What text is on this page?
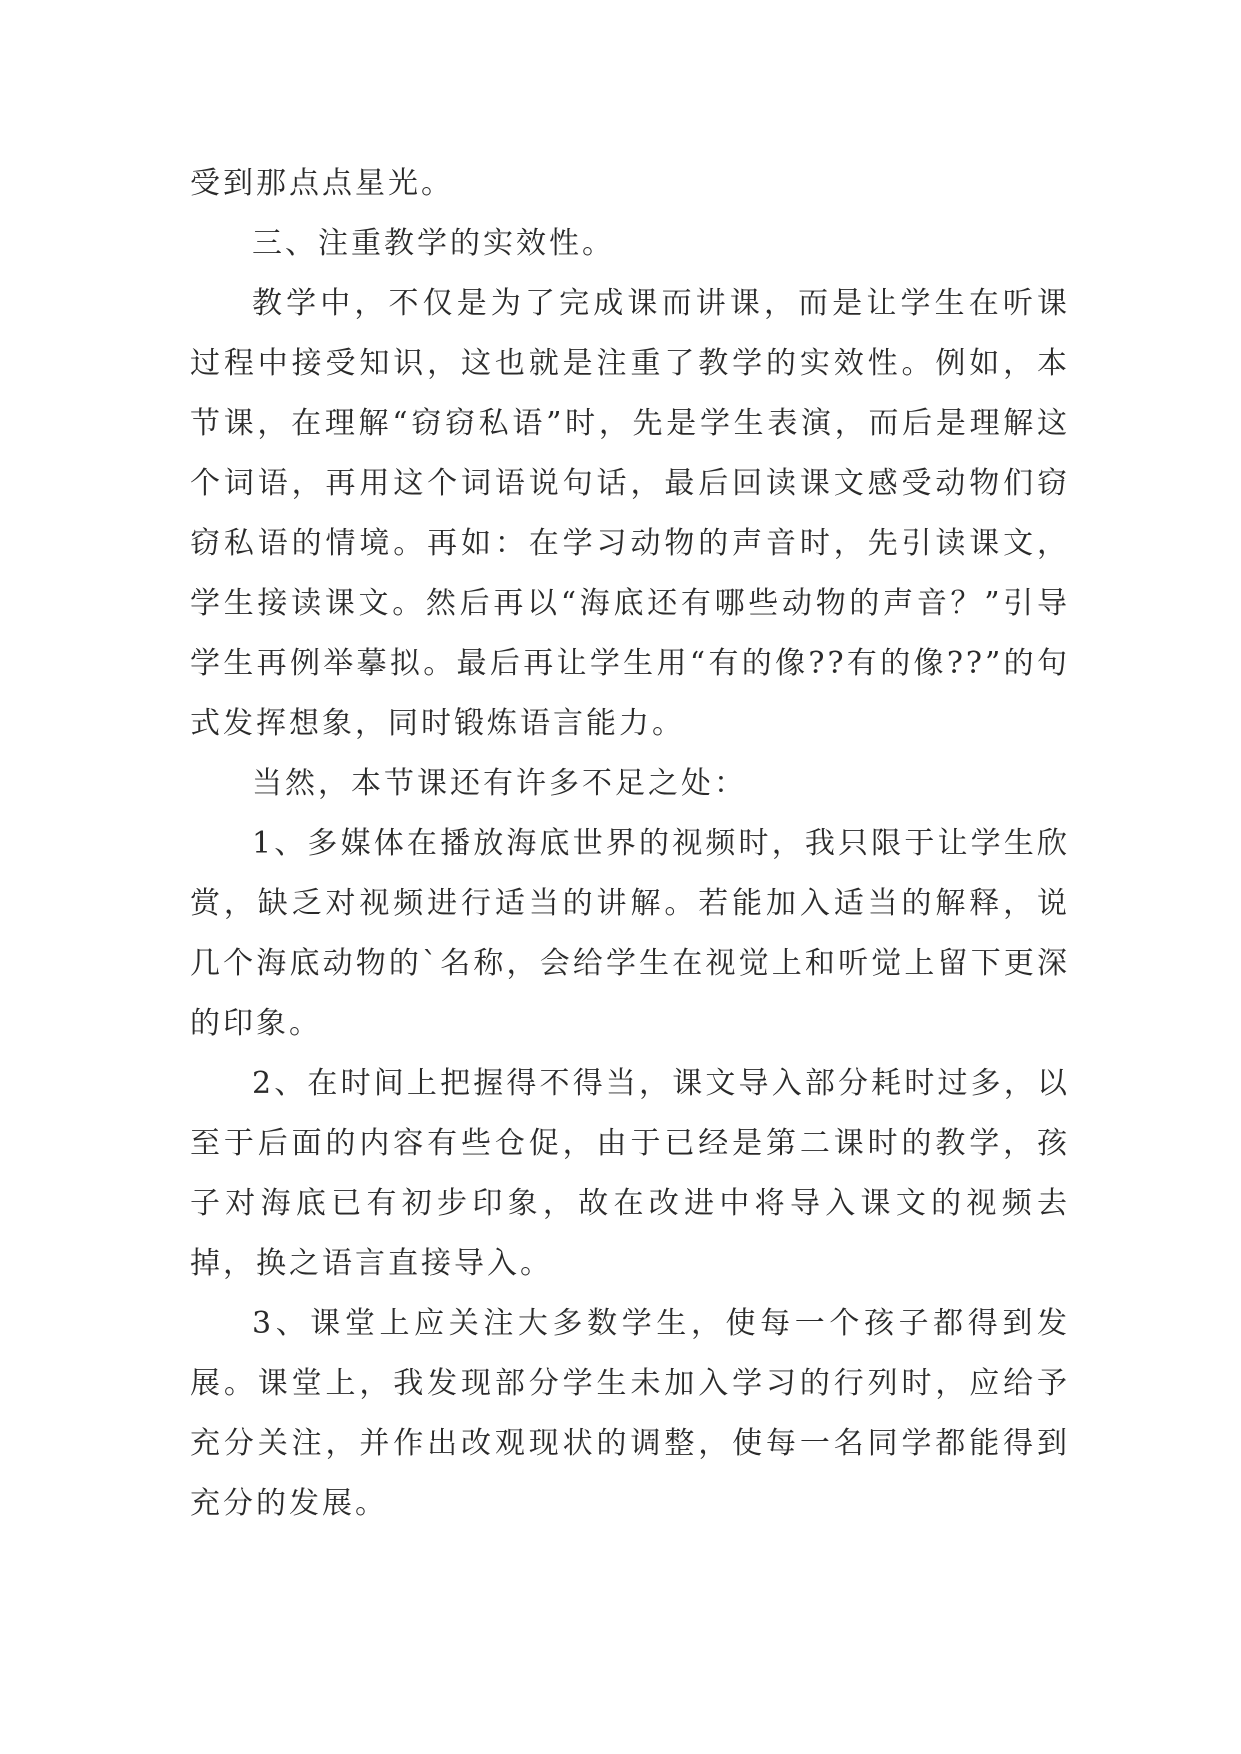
受到那点点星光。

三、注重教学的实效性。

教学中，不仅是为了完成课而讲课，而是让学生在听课过程中接受知识，这也就是注重了教学的实效性。例如，本节课，在理解“窃窃私语”时，先是学生表演，而后是理解这个词语，再用这个词语说句话，最后回读课文感受动物们窃窃私语的情境。再如：在学习动物的声音时，先引读课文，学生接读课文。然后再以“海底还有哪些动物的声音？”引导学生再例举摹拟。最后再让学生用“有的像??有的像??”的句式发挥想象，同时锻炼语言能力。

当然，本节课还有许多不足之处：

1、多媒体在播放海底世界的视频时，我只限于让学生欣赏，缺乏对视频进行适当的讲解。若能加入适当的解释，说几个海底动物的`名称，会给学生在视觉上和听觉上留下更深的印象。

2、在时间上把握得不得当，课文导入部分耗时过多，以至于后面的内容有些仓促，由于已经是第二课时的教学，孩子对海底已有初步印象，故在改进中将导入课文的视频去掉，换之语言直接导入。

3、课堂上应关注大多数学生，使每一个孩子都得到发展。课堂上，我发现部分学生未加入学习的行列时，应给予充分关注，并作出改观现状的调整，使每一名同学都能得到充分的发展。
